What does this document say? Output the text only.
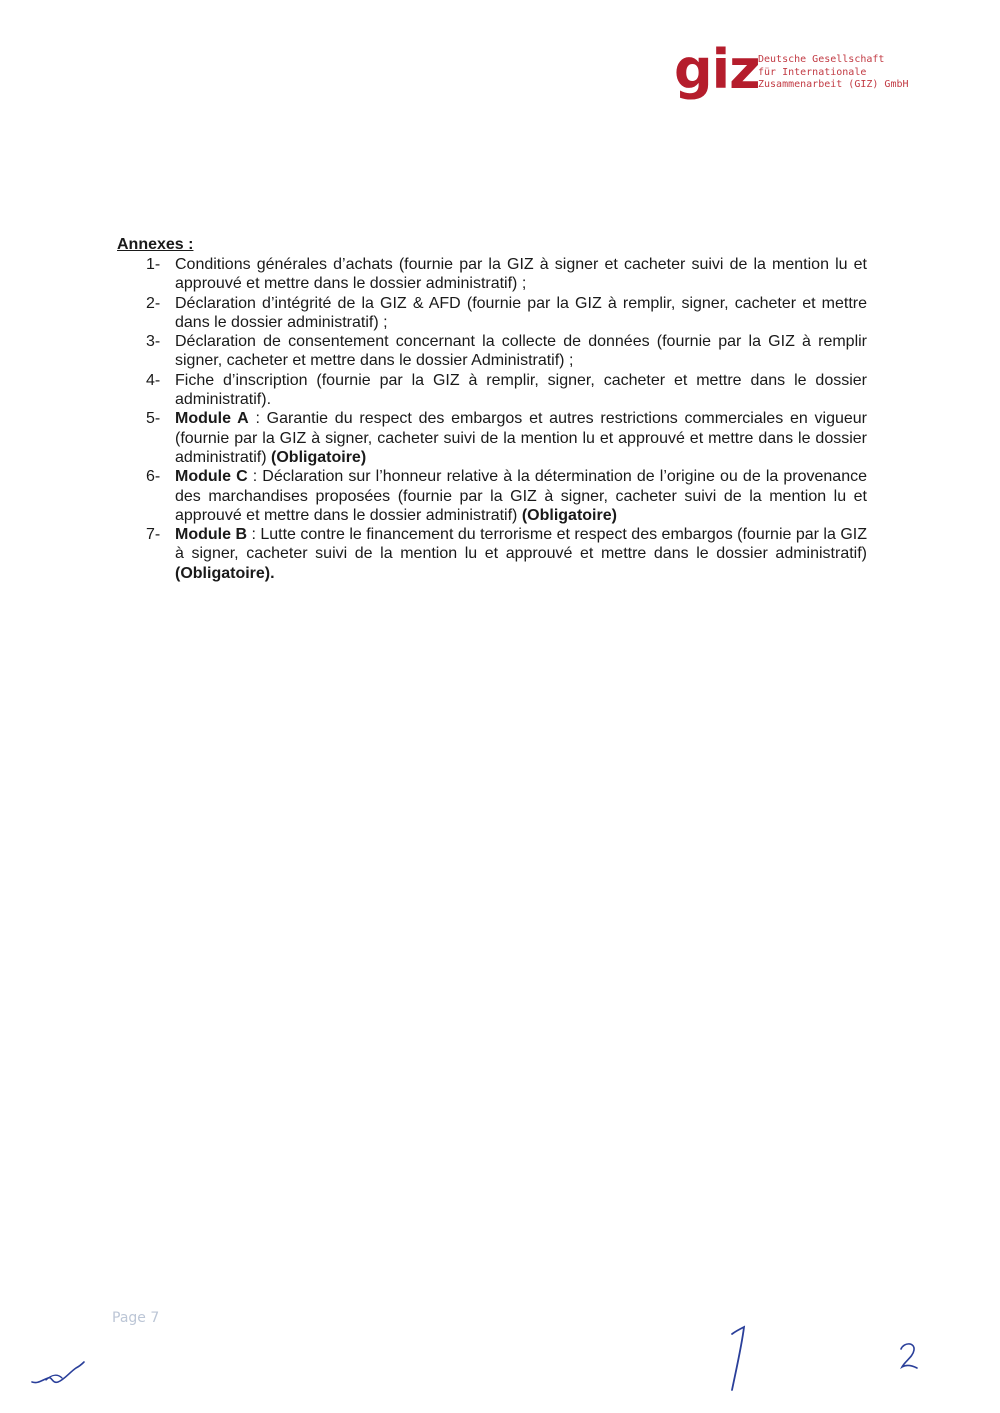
giz
Deutsche Gesellschaft
für Internationale
Zusammenarbeit (GIZ) GmbH
Annexes :
1- Conditions générales d’achats (fournie par la GIZ à signer et cacheter suivi de la mention lu et approuvé et mettre dans le dossier administratif) ;
2- Déclaration d’intégrité de la GIZ & AFD (fournie par la GIZ à remplir, signer, cacheter et mettre dans le dossier administratif) ;
3- Déclaration de consentement concernant la collecte de données (fournie par la GIZ à remplir signer, cacheter et mettre dans le dossier Administratif) ;
4- Fiche d’inscription (fournie par la GIZ à remplir, signer, cacheter et mettre dans le dossier administratif).
5- Module A : Garantie du respect des embargos et autres restrictions commerciales en vigueur (fournie par la GIZ à signer, cacheter suivi de la mention lu et approuvé et mettre dans le dossier administratif) (Obligatoire)
6- Module C : Déclaration sur l’honneur relative à la détermination de l’origine ou de la provenance des marchandises proposées (fournie par la GIZ à signer, cacheter suivi de la mention lu et approuvé et mettre dans le dossier administratif) (Obligatoire)
7- Module B : Lutte contre le financement du terrorisme et respect des embargos (fournie par la GIZ à signer, cacheter suivi de la mention lu et approuvé et mettre dans le dossier administratif) (Obligatoire).
Page 7
